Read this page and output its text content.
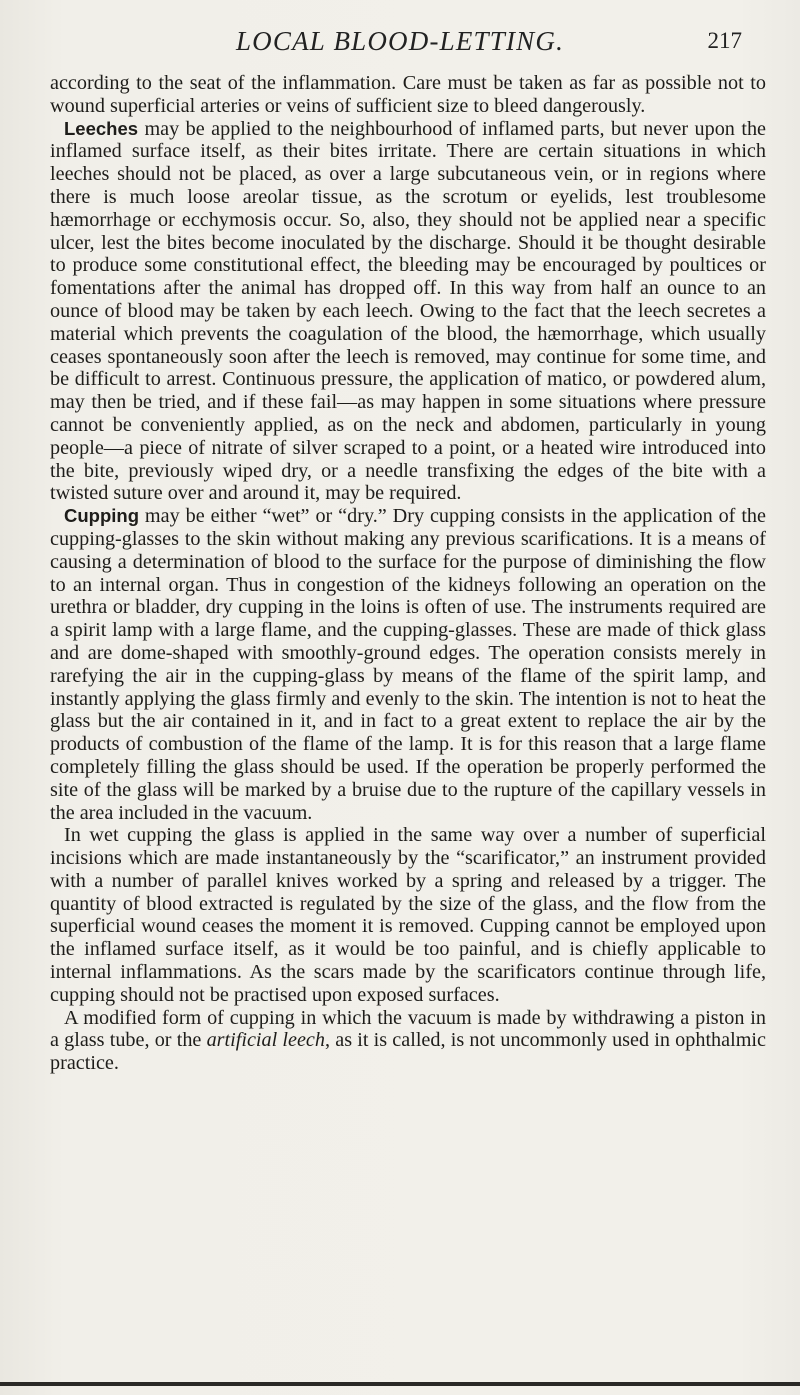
LOCAL BLOOD-LETTING.	217

according to the seat of the inflammation. Care must be taken as far as possible not to wound superficial arteries or veins of sufficient size to bleed dangerously.

Leeches may be applied to the neighbourhood of inflamed parts, but never upon the inflamed surface itself, as their bites irritate. There are certain situations in which leeches should not be placed, as over a large subcutaneous vein, or in regions where there is much loose areolar tissue, as the scrotum or eyelids, lest troublesome hæmorrhage or ecchymosis occur. So, also, they should not be applied near a specific ulcer, lest the bites become inoculated by the discharge. Should it be thought desirable to produce some constitutional effect, the bleeding may be encouraged by poultices or fomentations after the animal has dropped off. In this way from half an ounce to an ounce of blood may be taken by each leech. Owing to the fact that the leech secretes a material which prevents the coagulation of the blood, the hæmorrhage, which usually ceases spontaneously soon after the leech is removed, may continue for some time, and be difficult to arrest. Continuous pressure, the application of matico, or powdered alum, may then be tried, and if these fail—as may happen in some situations where pressure cannot be conveniently applied, as on the neck and abdomen, particularly in young people—a piece of nitrate of silver scraped to a point, or a heated wire introduced into the bite, previously wiped dry, or a needle transfixing the edges of the bite with a twisted suture over and around it, may be required.

Cupping may be either “wet” or “dry.” Dry cupping consists in the application of the cupping-glasses to the skin without making any previous scarifications. It is a means of causing a determination of blood to the surface for the purpose of diminishing the flow to an internal organ. Thus in congestion of the kidneys following an operation on the urethra or bladder, dry cupping in the loins is often of use. The instruments required are a spirit lamp with a large flame, and the cupping-glasses. These are made of thick glass and are dome-shaped with smoothly-ground edges. The operation consists merely in rarefying the air in the cupping-glass by means of the flame of the spirit lamp, and instantly applying the glass firmly and evenly to the skin. The intention is not to heat the glass but the air contained in it, and in fact to a great extent to replace the air by the products of combustion of the flame of the lamp. It is for this reason that a large flame completely filling the glass should be used. If the operation be properly performed the site of the glass will be marked by a bruise due to the rupture of the capillary vessels in the area included in the vacuum.

In wet cupping the glass is applied in the same way over a number of superficial incisions which are made instantaneously by the “scarificator,” an instrument provided with a number of parallel knives worked by a spring and released by a trigger. The quantity of blood extracted is regulated by the size of the glass, and the flow from the superficial wound ceases the moment it is removed. Cupping cannot be employed upon the inflamed surface itself, as it would be too painful, and is chiefly applicable to internal inflammations. As the scars made by the scarificators continue through life, cupping should not be practised upon exposed surfaces.

A modified form of cupping in which the vacuum is made by withdrawing a piston in a glass tube, or the artificial leech, as it is called, is not uncommonly used in ophthalmic practice.
